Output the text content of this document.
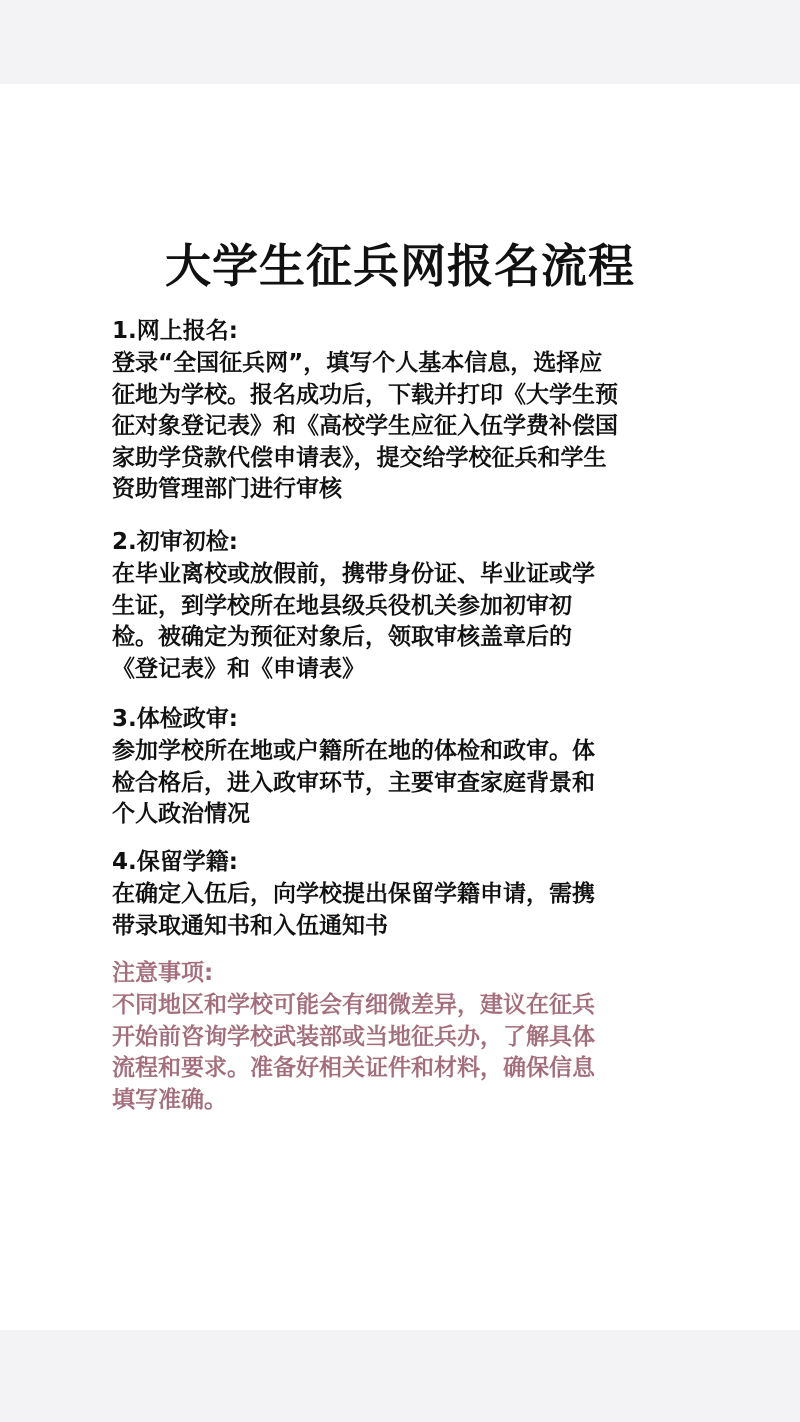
大学生征兵网报名流程

1.网上报名:

登录“全国征兵网”，填写个人基本信息，选择应

征地为学校。报名成功后，下载并打印《大学生预

征对象登记表》和《高校学生应征入伍学费补偿国

家助学贷款代偿申请表》，提交给学校征兵和学生

资助管理部门进行审核

2.初审初检:

在毕业离校或放假前，携带身份证、毕业证或学

生证，到学校所在地县级兵役机关参加初审初

检。被确定为预征对象后，领取审核盖章后的

《登记表》和《申请表》

3.体检政审:

参加学校所在地或户籍所在地的体检和政审。体

检合格后，进入政审环节，主要审查家庭背景和

个人政治情况

4.保留学籍:

在确定入伍后，向学校提出保留学籍申请，需携

带录取通知书和入伍通知书

注意事项:

不同地区和学校可能会有细微差异，建议在征兵

开始前咨询学校武装部或当地征兵办，了解具体

流程和要求。准备好相关证件和材料，确保信息

填写准确。
